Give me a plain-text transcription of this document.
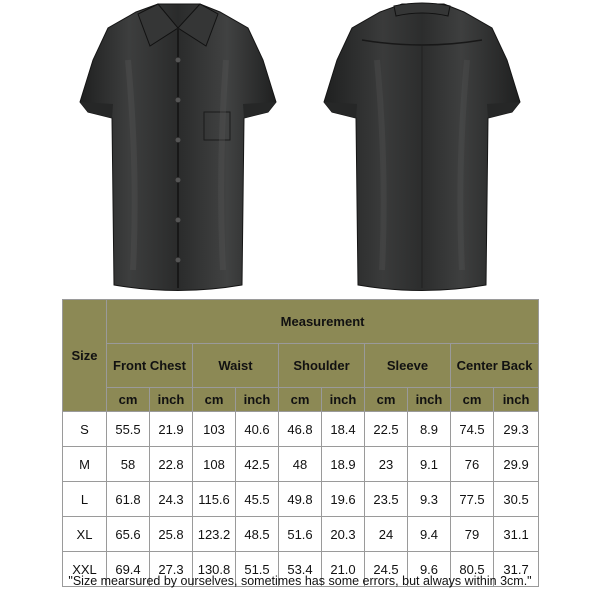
Size	Measurement									
	Front Chest		Waist		Shoulder		Sleeve		Center Back	
	cm	inch	cm	inch	cm	inch	cm	inch	cm	inch
S	55.5	21.9	103	40.6	46.8	18.4	22.5	8.9	74.5	29.3
M	58	22.8	108	42.5	48	18.9	23	9.1	76	29.9
L	61.8	24.3	115.6	45.5	49.8	19.6	23.5	9.3	77.5	30.5
XL	65.6	25.8	123.2	48.5	51.6	20.3	24	9.4	79	31.1
XXL	69.4	27.3	130.8	51.5	53.4	21.0	24.5	9.6	80.5	31.7
"Size mearsured by ourselves, sometimes has some errors, but always within 3cm."
